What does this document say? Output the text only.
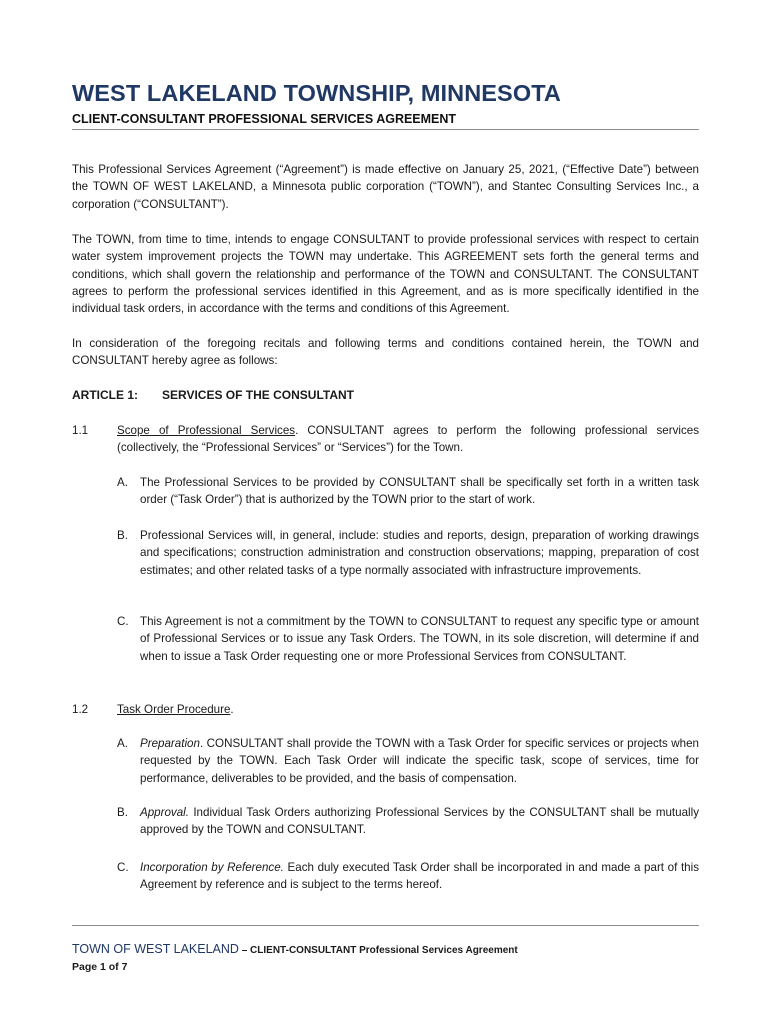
WEST LAKELAND TOWNSHIP, MINNESOTA
CLIENT-CONSULTANT PROFESSIONAL SERVICES AGREEMENT

This Professional Services Agreement (“Agreement”) is made effective on January 25, 2021, (“Effective Date”) between the TOWN OF WEST LAKELAND, a Minnesota public corporation (“TOWN”), and Stantec Consulting Services Inc., a corporation (“CONSULTANT”).

The TOWN, from time to time, intends to engage CONSULTANT to provide professional services with respect to certain water system improvement projects the TOWN may undertake. This AGREEMENT sets forth the general terms and conditions, which shall govern the relationship and performance of the TOWN and CONSULTANT. The CONSULTANT agrees to perform the professional services identified in this Agreement, and as is more specifically identified in the individual task orders, in accordance with the terms and conditions of this Agreement.

In consideration of the foregoing recitals and following terms and conditions contained herein, the TOWN and CONSULTANT hereby agree as follows:

ARTICLE 1: SERVICES OF THE CONSULTANT
1.1 Scope of Professional Services. CONSULTANT agrees to perform the following professional services (collectively, the “Professional Services” or “Services”) for the Town.

A. The Professional Services to be provided by CONSULTANT shall be specifically set forth in a written task order (“Task Order”) that is authorized by the TOWN prior to the start of work.
B. Professional Services will, in general, include: studies and reports, design, preparation of working drawings and specifications; construction administration and construction observations; mapping, preparation of cost estimates; and other related tasks of a type normally associated with infrastructure improvements.
C. This Agreement is not a commitment by the TOWN to CONSULTANT to request any specific type or amount of Professional Services or to issue any Task Orders. The TOWN, in its sole discretion, will determine if and when to issue a Task Order requesting one or more Professional Services from CONSULTANT.
1.2 Task Order Procedure.

A. Preparation. CONSULTANT shall provide the TOWN with a Task Order for specific services or projects when requested by the TOWN. Each Task Order will indicate the specific task, scope of services, time for performance, deliverables to be provided, and the basis of compensation.
B. Approval. Individual Task Orders authorizing Professional Services by the CONSULTANT shall be mutually approved by the TOWN and CONSULTANT.
C. Incorporation by Reference. Each duly executed Task Order shall be incorporated in and made a part of this Agreement by reference and is subject to the terms hereof.
TOWN OF WEST LAKELAND – CLIENT-CONSULTANT Professional Services Agreement
Page 1 of 7
